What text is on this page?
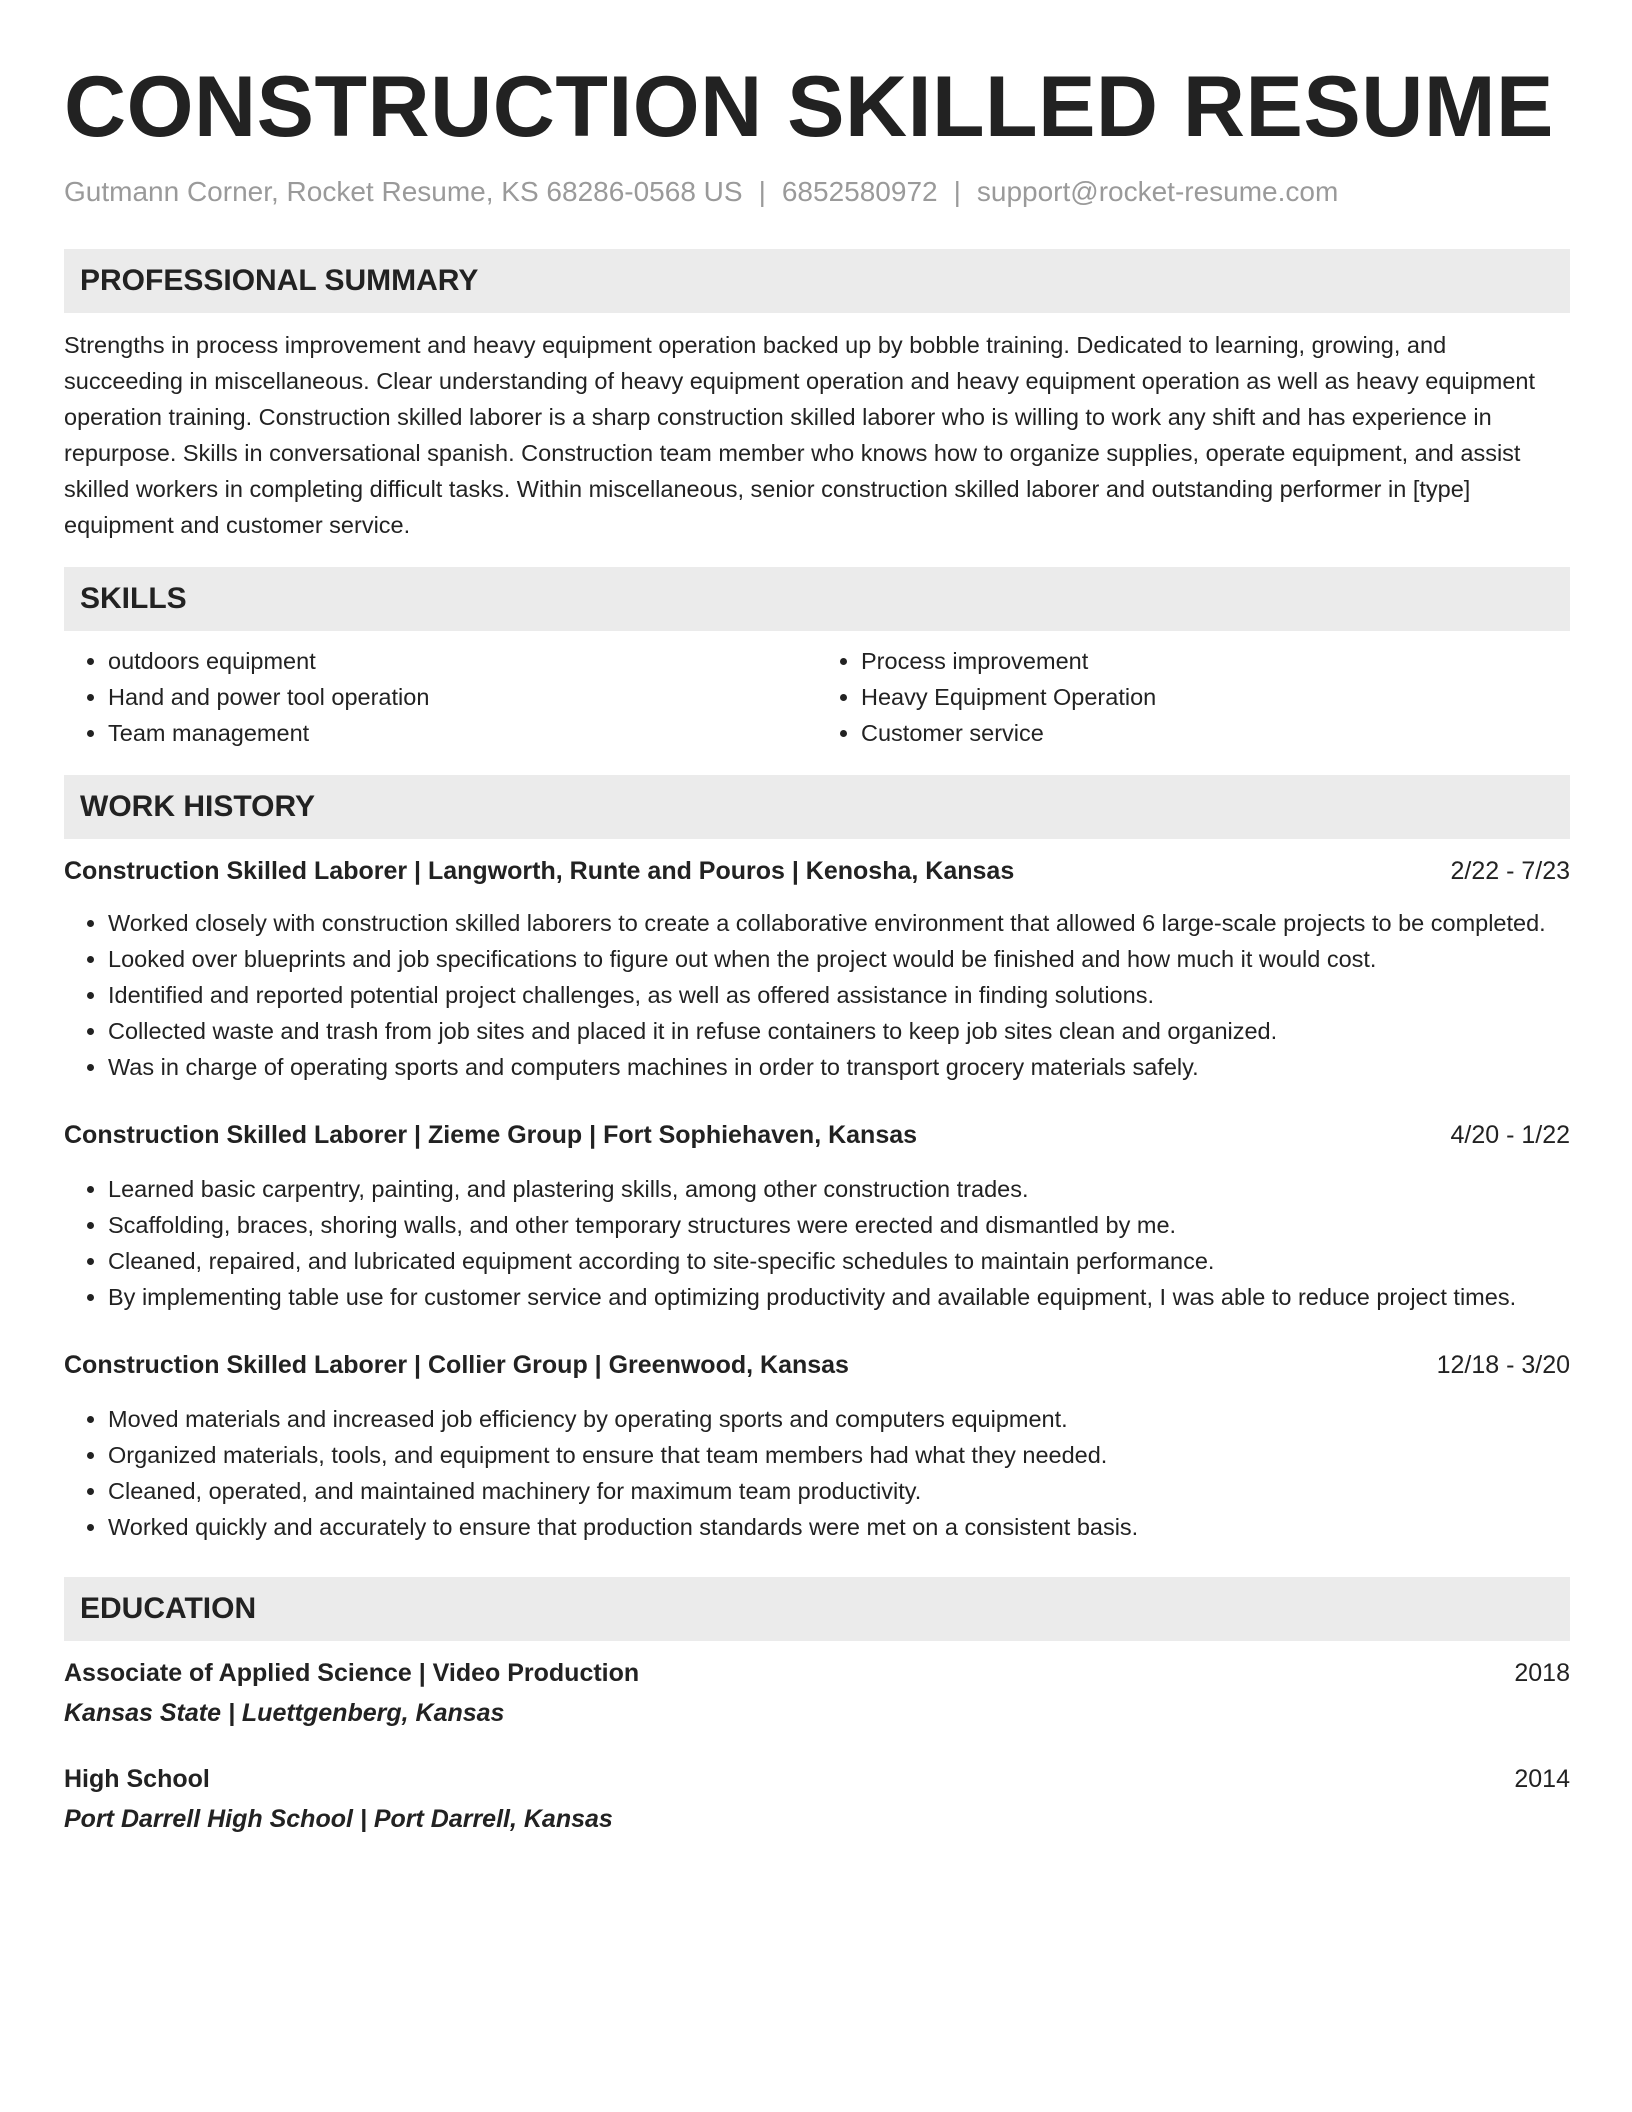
CONSTRUCTION SKILLED RESUME
Gutmann Corner, Rocket Resume, KS 68286-0568 US | 6852580972 | support@rocket-resume.com
PROFESSIONAL SUMMARY

Strengths in process improvement and heavy equipment operation backed up by bobble training. Dedicated to learning, growing, and succeeding in miscellaneous. Clear understanding of heavy equipment operation and heavy equipment operation as well as heavy equipment operation training. Construction skilled laborer is a sharp construction skilled laborer who is willing to work any shift and has experience in repurpose. Skills in conversational spanish. Construction team member who knows how to organize supplies, operate equipment, and assist skilled workers in completing difficult tasks. Within miscellaneous, senior construction skilled laborer and outstanding performer in [type] equipment and customer service.

SKILLS
• outdoors equipment
• Hand and power tool operation
• Team management
• Process improvement
• Heavy Equipment Operation
• Customer service
WORK HISTORY
Construction Skilled Laborer | Langworth, Runte and Pouros | Kenosha, Kansas	2/22 - 7/23
• Worked closely with construction skilled laborers to create a collaborative environment that allowed 6 large-scale projects to be completed.
• Looked over blueprints and job specifications to figure out when the project would be finished and how much it would cost.
• Identified and reported potential project challenges, as well as offered assistance in finding solutions.
• Collected waste and trash from job sites and placed it in refuse containers to keep job sites clean and organized.
• Was in charge of operating sports and computers machines in order to transport grocery materials safely.
Construction Skilled Laborer | Zieme Group | Fort Sophiehaven, Kansas	4/20 - 1/22
• Learned basic carpentry, painting, and plastering skills, among other construction trades.
• Scaffolding, braces, shoring walls, and other temporary structures were erected and dismantled by me.
• Cleaned, repaired, and lubricated equipment according to site-specific schedules to maintain performance.
• By implementing table use for customer service and optimizing productivity and available equipment, I was able to reduce project times.
Construction Skilled Laborer | Collier Group | Greenwood, Kansas	12/18 - 3/20
• Moved materials and increased job efficiency by operating sports and computers equipment.
• Organized materials, tools, and equipment to ensure that team members had what they needed.
• Cleaned, operated, and maintained machinery for maximum team productivity.
• Worked quickly and accurately to ensure that production standards were met on a consistent basis.
EDUCATION
Associate of Applied Science | Video Production	2018
Kansas State | Luettgenberg, Kansas
High School	2014
Port Darrell High School | Port Darrell, Kansas
